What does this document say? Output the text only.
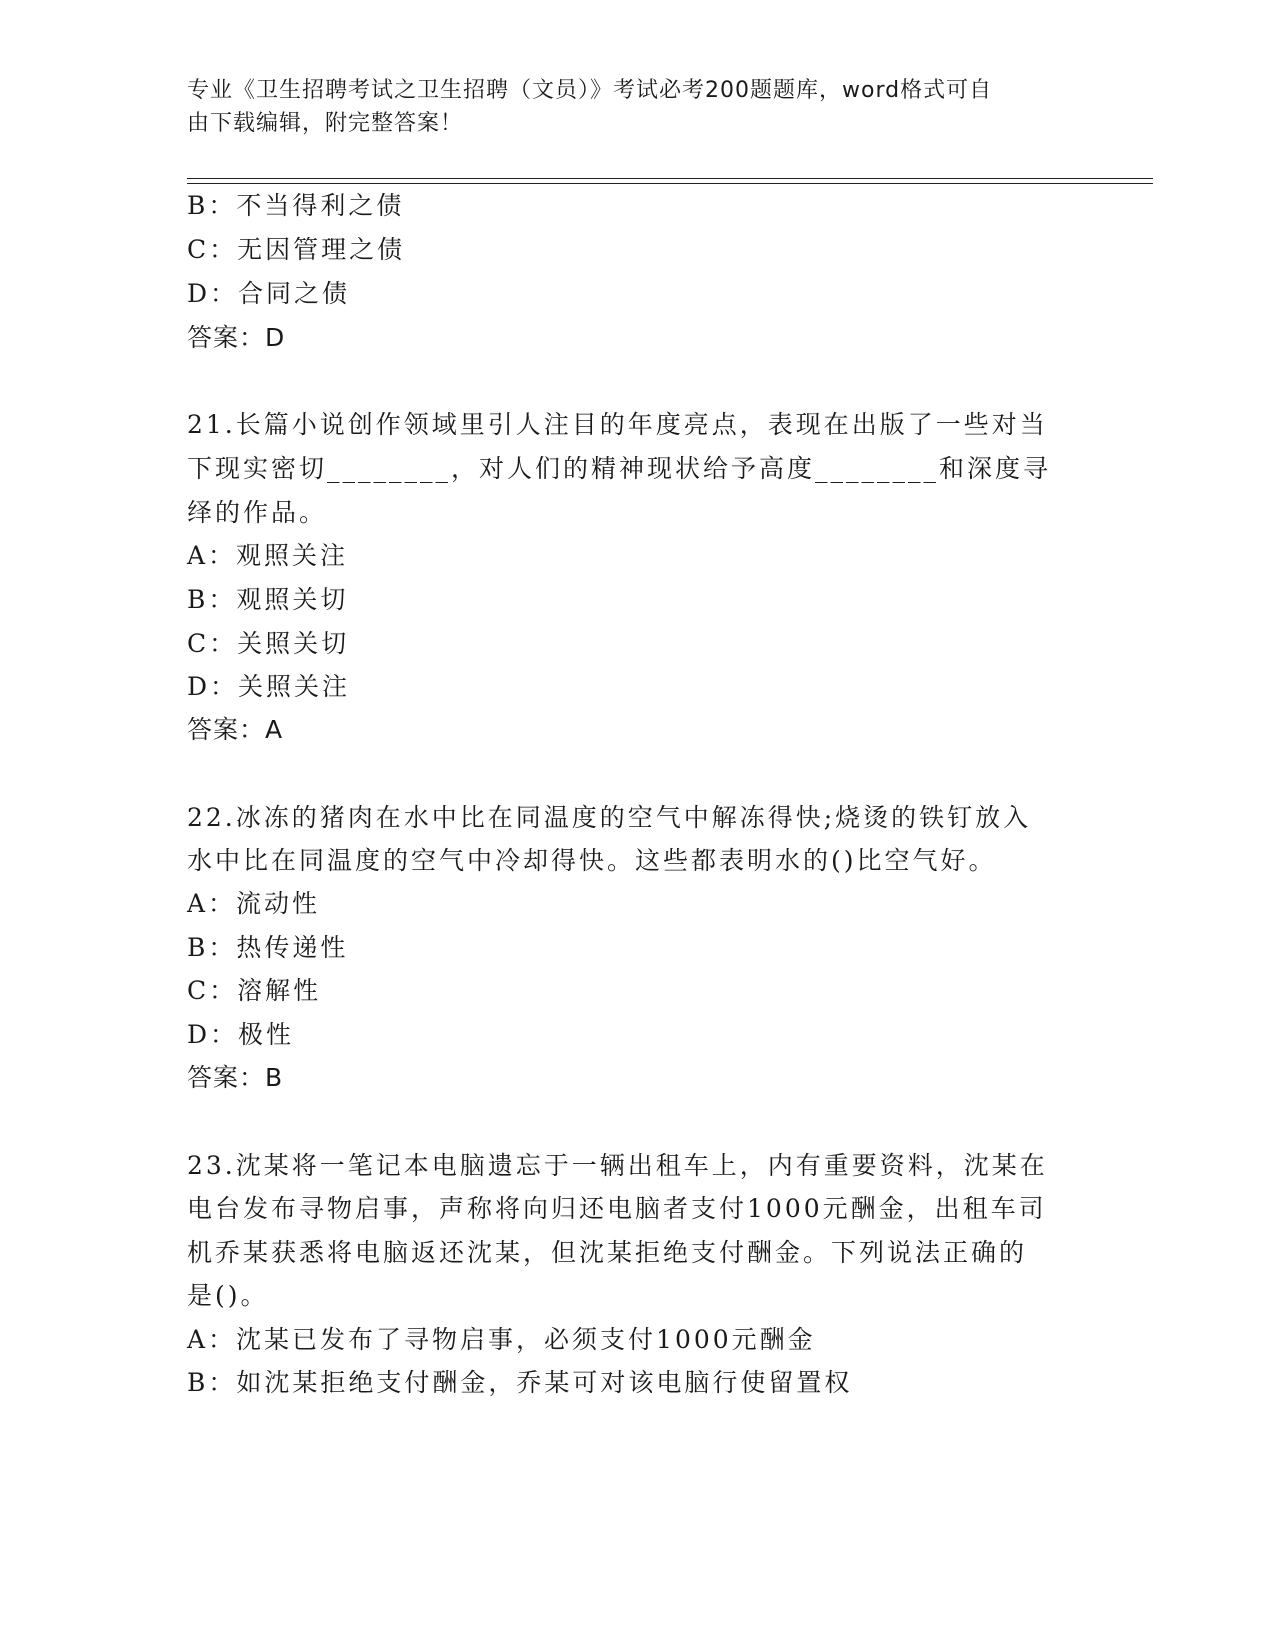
专业《卫生招聘考试之卫生招聘（文员）》考试必考200题题库，word格式可自
由下载编辑，附完整答案！
B：不当得利之债
C：无因管理之债
D：合同之债
答案：D
21.长篇小说创作领域里引人注目的年度亮点，表现在出版了一些对当
下现实密切________，对人们的精神现状给予高度________和深度寻
绎的作品。
A：观照关注
B：观照关切
C：关照关切
D：关照关注
答案：A
22.冰冻的猪肉在水中比在同温度的空气中解冻得快;烧烫的铁钉放入
水中比在同温度的空气中冷却得快。这些都表明水的()比空气好。
A：流动性
B：热传递性
C：溶解性
D：极性
答案：B
23.沈某将一笔记本电脑遗忘于一辆出租车上，内有重要资料，沈某在
电台发布寻物启事，声称将向归还电脑者支付1000元酬金，出租车司
机乔某获悉将电脑返还沈某，但沈某拒绝支付酬金。下列说法正确的
是()。
A：沈某已发布了寻物启事，必须支付1000元酬金
B：如沈某拒绝支付酬金，乔某可对该电脑行使留置权
